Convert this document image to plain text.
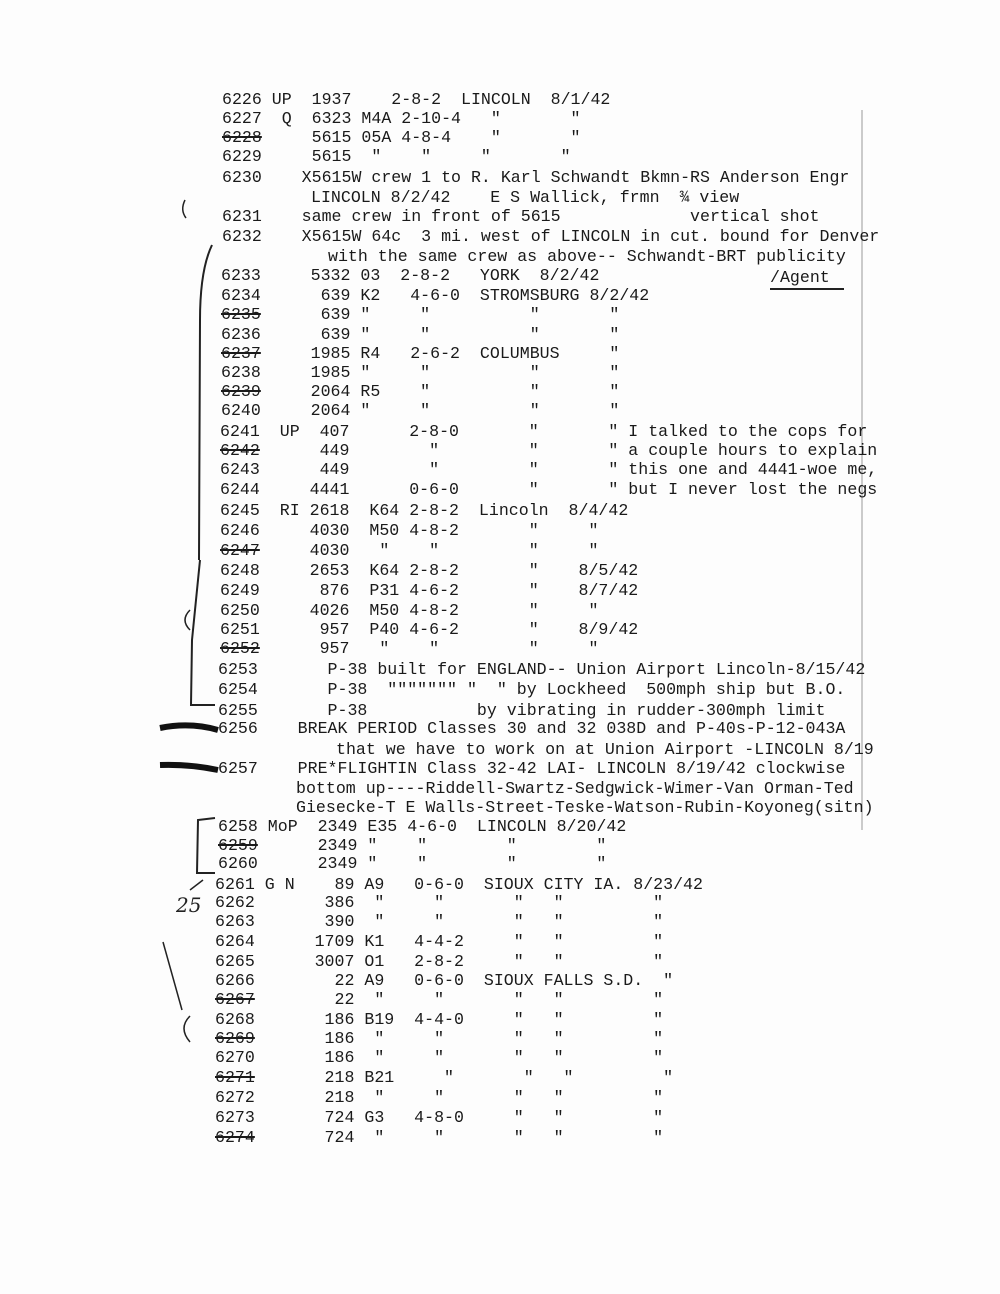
25
6226 UP  1937    2-8-2  LINCOLN  8/1/42
6227  Q  6323 M4A 2-10-4   "       "
6228     5615 05A 4-8-4    "       "
6229     5615  "    "     "       "
6230    X5615W crew 1 to R. Karl Schwandt Bkmn-RS Anderson Engr
LINCOLN 8/2/42    E S Wallick, frmn  ¾ view
6231    same crew in front of 5615             vertical shot
6232    X5615W 64c  3 mi. west of LINCOLN in cut. bound for Denver
with the same crew as above-- Schwandt-BRT publicity
6233     5332 03  2-8-2   YORK  8/2/42
6234      639 K2   4-6-0  STROMSBURG 8/2/42
6235      639 "     "          "       "
6236      639 "     "          "       "
6237     1985 R4   2-6-2  COLUMBUS     "
6238     1985 "     "          "       "
6239     2064 R5    "          "       "
6240     2064 "     "          "       "
6241  UP  407      2-8-0       "       " I talked to the cops for
6242      449        "         "       " a couple hours to explain
6243      449        "         "       " this one and 4441-woe me,
6244     4441      0-6-0       "       " but I never lost the negs
6245  RI 2618  K64 2-8-2  Lincoln  8/4/42
6246     4030  M50 4-8-2       "     "
6247     4030   "    "         "     "
6248     2653  K64 2-8-2       "    8/5/42
6249      876  P31 4-6-2       "    8/7/42
6250     4026  M50 4-8-2       "     "
6251      957  P40 4-6-2       "    8/9/42
6252      957   "    "         "     "
6253       P-38 built for ENGLAND-- Union Airport Lincoln-8/15/42
6254       P-38  """"""" "  " by Lockheed  500mph ship but B.O.
6255       P-38           by vibrating in rudder-300mph limit
6256    BREAK PERIOD Classes 30 and 32 038D and P-40s-P-12-043A
that we have to work on at Union Airport -LINCOLN 8/19
6257    PRE*FLIGHTIN Class 32-42 LAI- LINCOLN 8/19/42 clockwise
bottom up----Riddell-Swartz-Sedgwick-Wimer-Van Orman-Ted
Giesecke-T E Walls-Street-Teske-Watson-Rubin-Koyoneg(sitn)
6258 MoP  2349 E35 4-6-0  LINCOLN 8/20/42
6259      2349 "    "        "        "
6260      2349 "    "        "        "
6261 G N    89 A9   0-6-0  SIOUX CITY IA. 8/23/42
6262       386  "     "       "   "         "
6263       390  "     "       "   "         "
6264      1709 K1   4-4-2     "   "         "
6265      3007 O1   2-8-2     "   "         "
6266        22 A9   0-6-0  SIOUX FALLS S.D.  "
6267        22  "     "       "   "         "
6268       186 B19  4-4-0     "   "         "
6269       186  "     "       "   "         "
6270       186  "     "       "   "         "
6271       218 B21     "       "   "         "
6272       218  "     "       "   "         "
6273       724 G3   4-8-0     "   "         "
6274       724  "     "       "   "         "
/Agent
